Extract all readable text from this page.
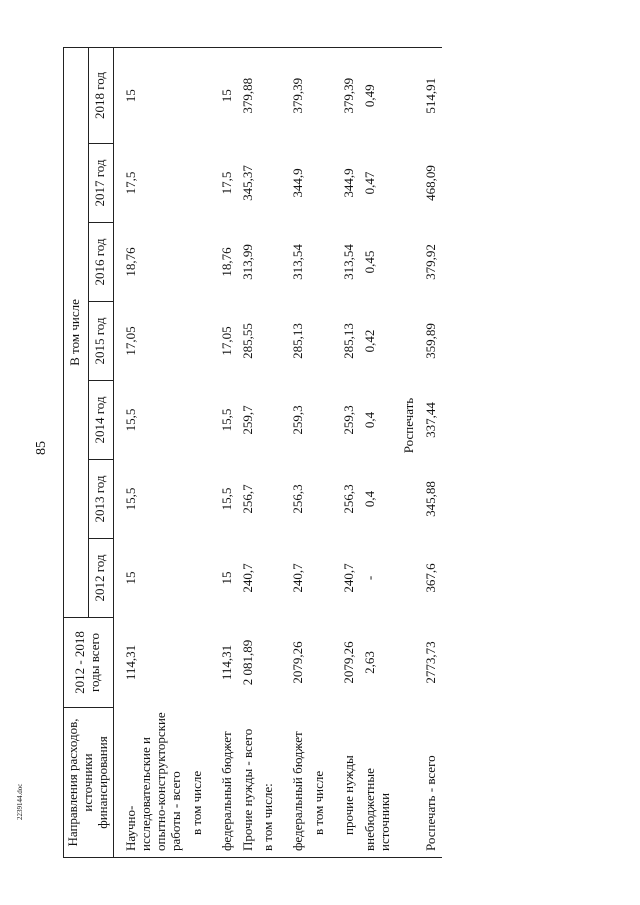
85
2239144.doc	Направления расходов, источники финансирования	2012 - 2018 годы всего	В том числе						
		2012 год	2013 год	2014 год	2015 год	2016 год	2017 год	2018 год
Научно-исследовательские и опытно-конструкторские работы - всего	114,31	15	15,5	15,5	17,05	18,76	17,5	15
в том числе								
федеральный бюджет	114,31	15	15,5	15,5	17,05	18,76	17,5	15
Прочие нужды - всего	2 081,89	240,7	256,7	259,7	285,55	313,99	345,37	379,88
в том числе:								
федеральный бюджет	2079,26	240,7	256,3	259,3	285,13	313,54	344,9	379,39
в том числе								
прочие нужды	2079,26	240,7	256,3	259,3	285,13	313,54	344,9	379,39
внебюджетные источники	2,63	-	0,4	0,4	0,42	0,45	0,47	0,49
	Роспечать							
Роспечать - всего	2773,73	367,6	345,88	337,44	359,89	379,92	468,09	514,91
